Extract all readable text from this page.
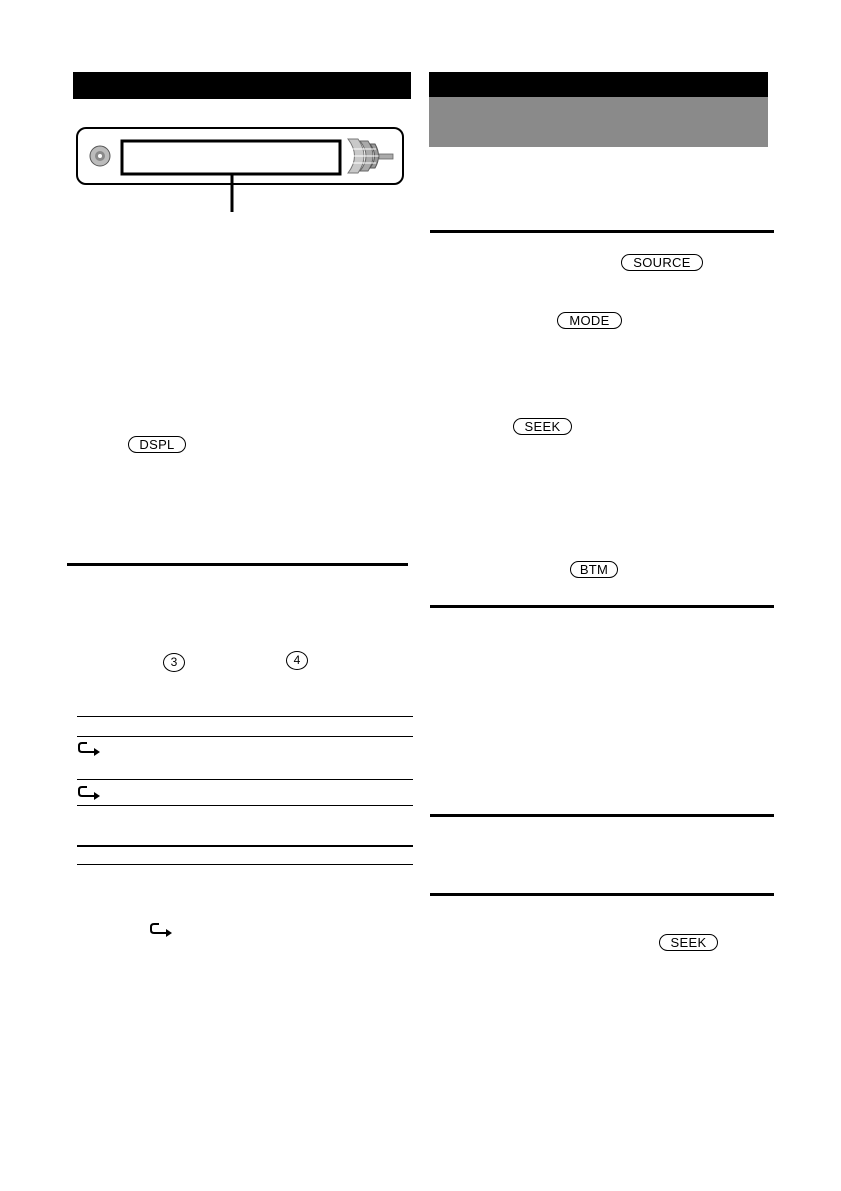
DSPL
3	4
SOURCE
MODE
SEEK
BTM
SEEK
